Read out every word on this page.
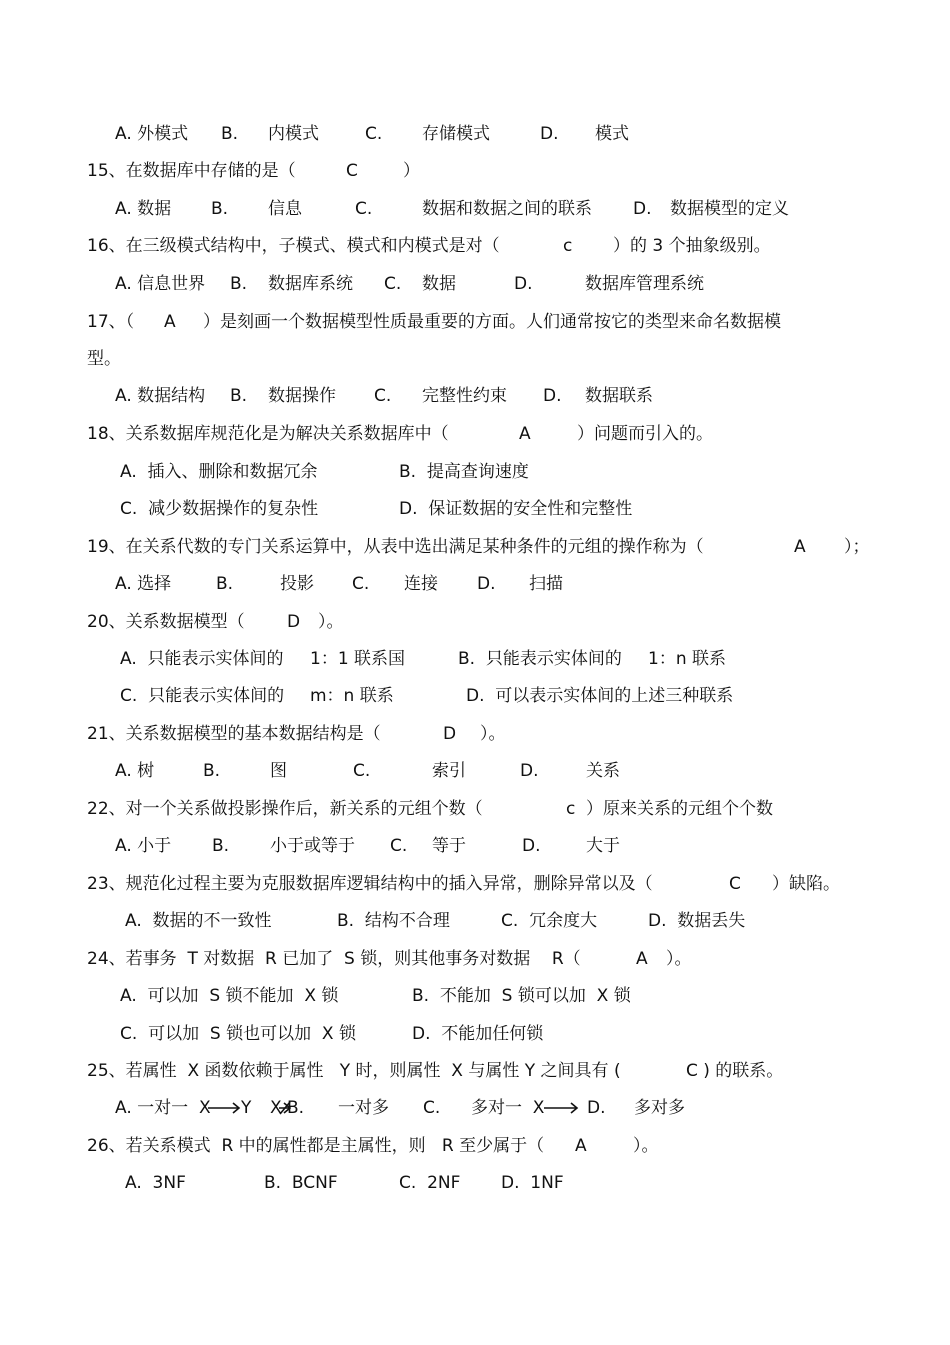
A. 外模式 B. 内模式	C. 存储模式	D. 模式
15、在数据库中存储的是（	C	）
A. 数据 B. 信息	C.	数据和数据之间的联系 D. 数据模型的定义
16、在三级模式结构中，子模式、模式和内模式是对（	c ）的 3 个抽象级别。
A. 信息世界 B. 数据库系统 C. 数据	D.	数据库管理系统
17、（ A ）是刻画一个数据模型性质最重要的方面。人们通常按它的类型来命名数据模
型。
A. 数据结构 B. 数据操作 C. 完整性约束 D. 数据联系
18、关系数据库规范化是为解决关系数据库中（	A	）问题而引入的。
A.  插入、删除和数据冗余	B.  提高查询速度
C.  减少数据操作的复杂性	D.  保证数据的安全性和完整性
19、在关系代数的专门关系运算中，从表中选出满足某种条件的元组的操作称为（	A ）；
A. 选择	B.	投影 C. 连接 D. 扫描
20、关系数据模型（ D ）。
A.  只能表示实体间的 1：1 联系国	B.  只能表示实体间的 1：n 联系
C.  只能表示实体间的 m：n 联系	D.  可以表示实体间的上述三种联系
21、关系数据模型的基本数据结构是（	D ）。
A. 树	B.	图	C.	索引	D.	关系
22、对一个关系做投影操作后，新关系的元组个数（	c ）原来关系的元组个个数
A. 小于 B. 小于或等于 C. 等于	D.	大于
23、规范化过程主要为克服数据库逻辑结构中的插入异常，删除异常以及（	C ）缺陷。
A.  数据的不一致性	B.  结构不合理	C.  冗余度大	D.  数据丢失
24、若事务  T 对数据  R 已加了  S 锁，则其他事务对数据    R（	A ）。
A.  可以加  S 锁不能加  X 锁	B.  不能加  S 锁可以加  X 锁
C.  可以加  S 锁也可以加  X 锁	D.  不能加任何锁
25、若属性  X 函数依赖于属性   Y 时，则属性  X 与属性 Y 之间具有 (	C ) 的联系。
A. 一对一  X Y X B. 一对多 C. 多对一  X	D. 多对多
26、若关系模式  R 中的属性都是主属性，则   R 至少属于（ A	）。
A.  3NF	B.  BCNF	C.  2NF D.  1NF
